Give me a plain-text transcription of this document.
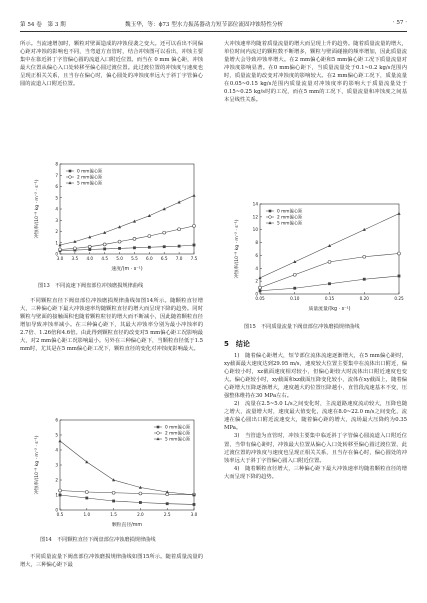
第 54 卷　第 3 期	魏玉华，等：ϕ73 型水力振荡器动力短节部位流固冲蚀特性分析	· 57 ·

所示。当流速增加时，颗粒对壁面造成的冲蚀侵袭之变大。还可以看出不同偏心距对冲蚀的影响也不同，当弯道方直管时，结合冲蚀图可以看出，冲蚀主要集中在靠近斜丁字管偏心圆的流道入口附近位置。而当在 0 mm 偏心距，冲蚀最大位置从偏心入口处转移至偏心圆过渡位置。此过渡位置的冲蚀度与速度也呈现正相关关系，且当存在偏心时，偏心圆处的冲蚀度率远大于斜丁字管偏心圆的流道入口附近位置。

3.0 3.5 4.0 4.5 5.0 5.5 6.0 6.5 7.0 7.5
0
1
2
3
4
5
6
7
8
速度/(m · s⁻¹)
冲蚀率/(10⁻⁹ kg · m⁻² · s⁻¹)
0 mm偏心距
2 mm偏心距
5 mm偏心距
图13　不同流速下阀盘部位冲蚀磨损规律曲线

不同颗粒直径下阀盘部位冲蚀磨损规律曲线如图14所示。随颗粒直径增大，三种偏心距下最大冲蚀速率均随颗粒直径的增大而呈现下降的趋势。同时颗粒与壁面的接触面积也随着颗粒粒径的增大而不断减小，因此随着颗粒直径增加导致冲蚀率减小。在三种偏心距下，其最大冲蚀率分别为最小冲蚀率的2.7倍、1.26倍和4.6倍。由此得到颗粒直径的改变对5 mm偏心距工况影响最大，对2 mm偏心距工况影响最小。另外在三种偏心距下，当颗粒直径低于1.5 mm时，尤其是在5 mm偏心距工况下，颗粒直径的变化对冲蚀度影响最大。

0.5	1.0	1.5	2.0	2.5	3.0
0
1
2
3
4
5
6
颗粒直径/mm
冲蚀率/(10⁻⁹ kg · m⁻² · s⁻¹)
0 mm偏心距
2 mm偏心距
5 mm偏心距
图14　不同颗粒直径下阀盘部位冲蚀磨损规律曲线

不同质量流量下阀盘部位冲蚀磨损规律曲线如图15所示。随着质量流量的增大，三种偏心距下最

大冲蚀速率均随着质量流量的增大而呈现上升的趋势。随着质量流量的增大，单位时间内流过的颗粒数不断增多，颗粒与壁面碰撞的频率增加，因此质量流量增大会导致冲蚀率增大。在2 mm偏心距和5 mm偏心距工况下质量流量对冲蚀度影响显著。在0 mm偏心距下，当质量流量处于0.1~0.2 kg/s范围内时，质量流量的改变对冲蚀度的影响较大。在2 mm偏心距工况下，质量流量在0.05~0.15 kg/s范围内质量流量对冲蚀度率的影响大于质量流量处于0.15~0.25 kg/s时的工况，而在5 mm的工况下，质量流量和冲蚀度之间基本呈线性关系。

0.05	0.10	0.15	0.20	0.25
0
2
4
6
8
10
12
14
质量流量/(kg · s⁻¹)
冲蚀率/(10⁻⁹ kg · m⁻² · s⁻¹)
0 mm偏心距
2 mm偏心距
5 mm偏心距
图15　不同质量流量下阀盘部位冲蚀磨损规律曲线
5　结论

1)　随着偏心距增大，短节部位流体流速逐渐增大，在5 mm偏心距时，xy截面最大速度达到29.95 m/s，速度较大位置主要集中在流体出口附近，偏心距较小时，xz截面速度相对较小，但偏心距较大时流体出口附近速度也变大。偏心距较小时，xy截面和xz截面压降变化较小，流体在xy截面上，随着偏心距增大压降逐渐增大，速度越大的位置压降越小，直管段流速基本不变，压强整体维持在30 MPa左右。

2)　流量在2.5~5.0 L/s之间变化时，主流道路速度流动较大，压降也随之增大，流量增大时，速度最大值变化，流速在8.0~22.0 m/s之间变化，流速在偏心圆出口附近流速变大，随着偏心距的增大，流场最大压降约为0.35 MPa。

3)　当管道为直管时，冲蚀主要集中临近斜丁字管偏心圆流道入口附近位置，当带有偏心距时，冲蚀最大位置从偏心入口处转移至偏心圆过渡位置，此过渡位置的冲蚀度与速度也呈现正相关关系，且当存在偏心时，偏心圆处的冲蚀率远大于斜丁字管偏心圆入口附近位置。

4)　随着颗粒直径增大，三种偏心距下最大冲蚀速率均随着颗粒直径的增大而呈现下降的趋势。
